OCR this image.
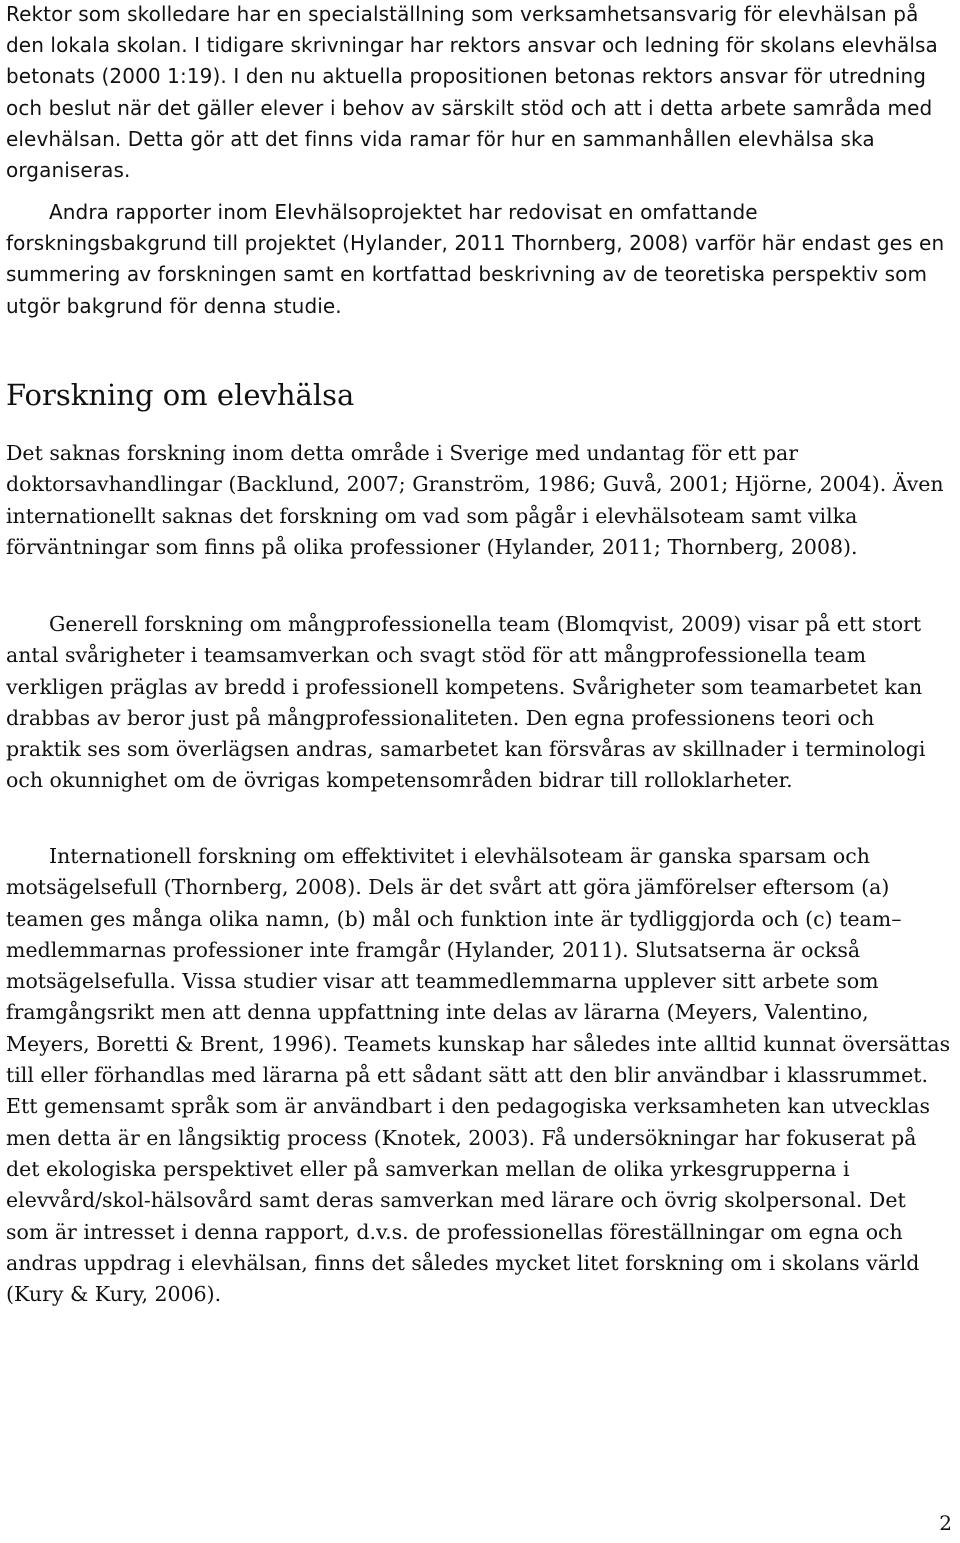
Rektor som skolledare har en specialställning som verksamhetsansvarig för elevhälsan på den lokala skolan. I tidigare skrivningar har rektors ansvar och ledning för skolans elevhälsa betonats (2000 1:19). I den nu aktuella propositionen betonas rektors ansvar för utredning och beslut när det gäller elever i behov av särskilt stöd och att i detta arbete samråda med elevhälsan. Detta gör att det finns vida ramar för hur en sammanhållen elevhälsa ska organiseras.

Andra rapporter inom Elevhälsoprojektet har redovisat en omfattande forskningsbakgrund till projektet (Hylander, 2011 Thornberg, 2008) varför här endast ges en summering av forskningen samt en kortfattad beskrivning av de teoretiska perspektiv som utgör bakgrund för denna studie.

Forskning om elevhälsa

Det saknas forskning inom detta område i Sverige med undantag för ett par doktorsavhandlingar (Backlund, 2007; Granström, 1986; Guvå, 2001; Hjörne, 2004). Även internationellt saknas det forskning om vad som pågår i elevhälsoteam samt vilka förväntningar som finns på olika professioner (Hylander, 2011; Thornberg, 2008).

Generell forskning om mångprofessionella team (Blomqvist, 2009) visar på ett stort antal svårigheter i teamsamverkan och svagt stöd för att mångprofessionella team verkligen präglas av bredd i professionell kompetens. Svårigheter som teamarbetet kan drabbas av beror just på mångprofessionaliteten. Den egna professionens teori och praktik ses som överlägsen andras, samarbetet kan försvåras av skillnader i terminologi och okunnighet om de övrigas kompetensområden bidrar till rolloklarheter.

Internationell forskning om effektivitet i elevhälsoteam är ganska sparsam och motsägelsefull (Thornberg, 2008). Dels är det svårt att göra jämförelser eftersom (a) teamen ges många olika namn, (b) mål och funktion inte är tydliggjorda och (c) team–medlemmarnas professioner inte framgår (Hylander, 2011). Slutsatserna är också motsägelsefulla. Vissa studier visar att teammedlemmarna upplever sitt arbete som framgångsrikt men att denna uppfattning inte delas av lärarna (Meyers, Valentino, Meyers, Boretti & Brent, 1996). Teamets kunskap har således inte alltid kunnat översättas till eller förhandlas med lärarna på ett sådant sätt att den blir användbar i klassrummet. Ett gemensamt språk som är användbart i den pedagogiska verksamheten kan utvecklas men detta är en långsiktig process (Knotek, 2003). Få undersökningar har fokuserat på det ekologiska perspektivet eller på samverkan mellan de olika yrkesgrupperna i elevvård/skol-hälsovård samt deras samverkan med lärare och övrig skolpersonal. Det som är intresset i denna rapport, d.v.s. de professionellas föreställningar om egna och andras uppdrag i elevhälsan, finns det således mycket litet forskning om i skolans värld (Kury & Kury, 2006).

2
